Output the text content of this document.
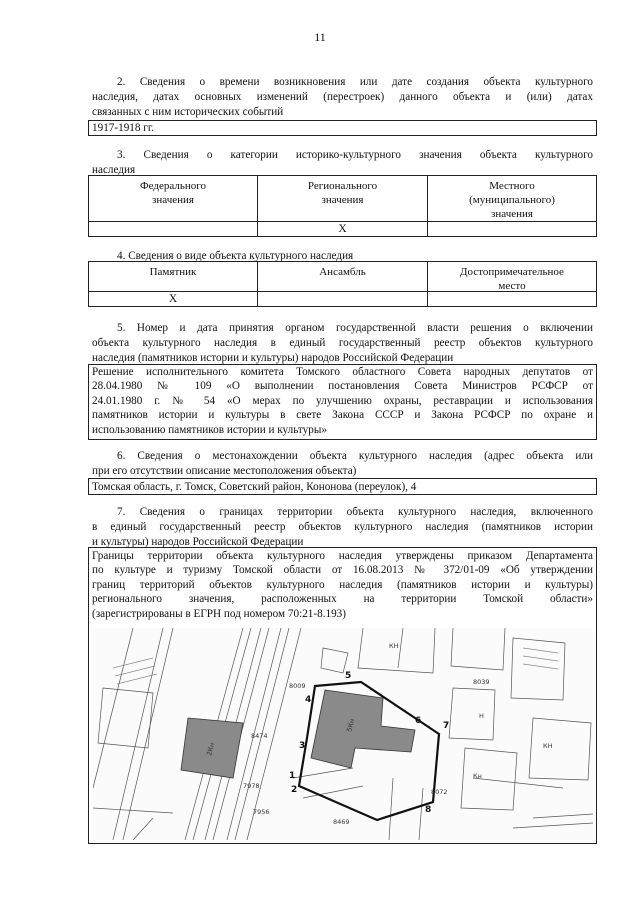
11
2. Сведения о времени возникновения или дате создания объекта культурного
наследия, датах основных изменений (перестроек) данного объекта и (или) датах
связанных с ним исторических событий
1917-1918 гг.
3. Сведения о категории историко-культурного значения объекта культурного
наследия
Федерального
значения
Регионального
значения
Местного
(муниципального)
значения
Х
4. Сведения о виде объекта культурного наследия
Памятник	Ансамбль	Достопримечательное
место
Х
5. Номер и дата принятия органом государственной власти решения о включении
объекта культурного наследия в единый государственный реестр объектов культурного
наследия (памятников истории и культуры) народов Российской Федерации
Решение исполнительного комитета Томского областного Совета народных депутатов от
28.04.1980 № 109 «О выполнении постановления Совета Министров РСФСР от
24.01.1980 г. № 54 «О мерах по улучшению охраны, реставрации и использования
памятников истории и культуры в свете Закона СССР и Закона РСФСР по охране и
использованию памятников истории и культуры»
6. Сведения о местонахождении объекта культурного наследия (адрес объекта или
при его отсутствии описание местоположения объекта)
Томская область, г. Томск, Советский район, Кононова (переулок), 4
7. Сведения о границах территории объекта культурного наследия, включенного
в единый государственный реестр объектов культурного наследия (памятников истории
и культуры) народов Российской Федерации
Границы территории объекта культурного наследия утверждены приказом Департамента
по культуре и туризму Томской области от 16.08.2013 № 372/01-09 «Об утверждении
границ территорий объектов культурного наследия (памятников истории и культуры)
регионального значения, расположенных на территории Томской области»
(зарегистрированы в ЕГРН под номером 70:21-8.193)
1
2
3
4
5
6 7
8
2Кн
5Кн
КН
Н
Кн
КН
8072
8039
8009
8469
8474
7978
7956
